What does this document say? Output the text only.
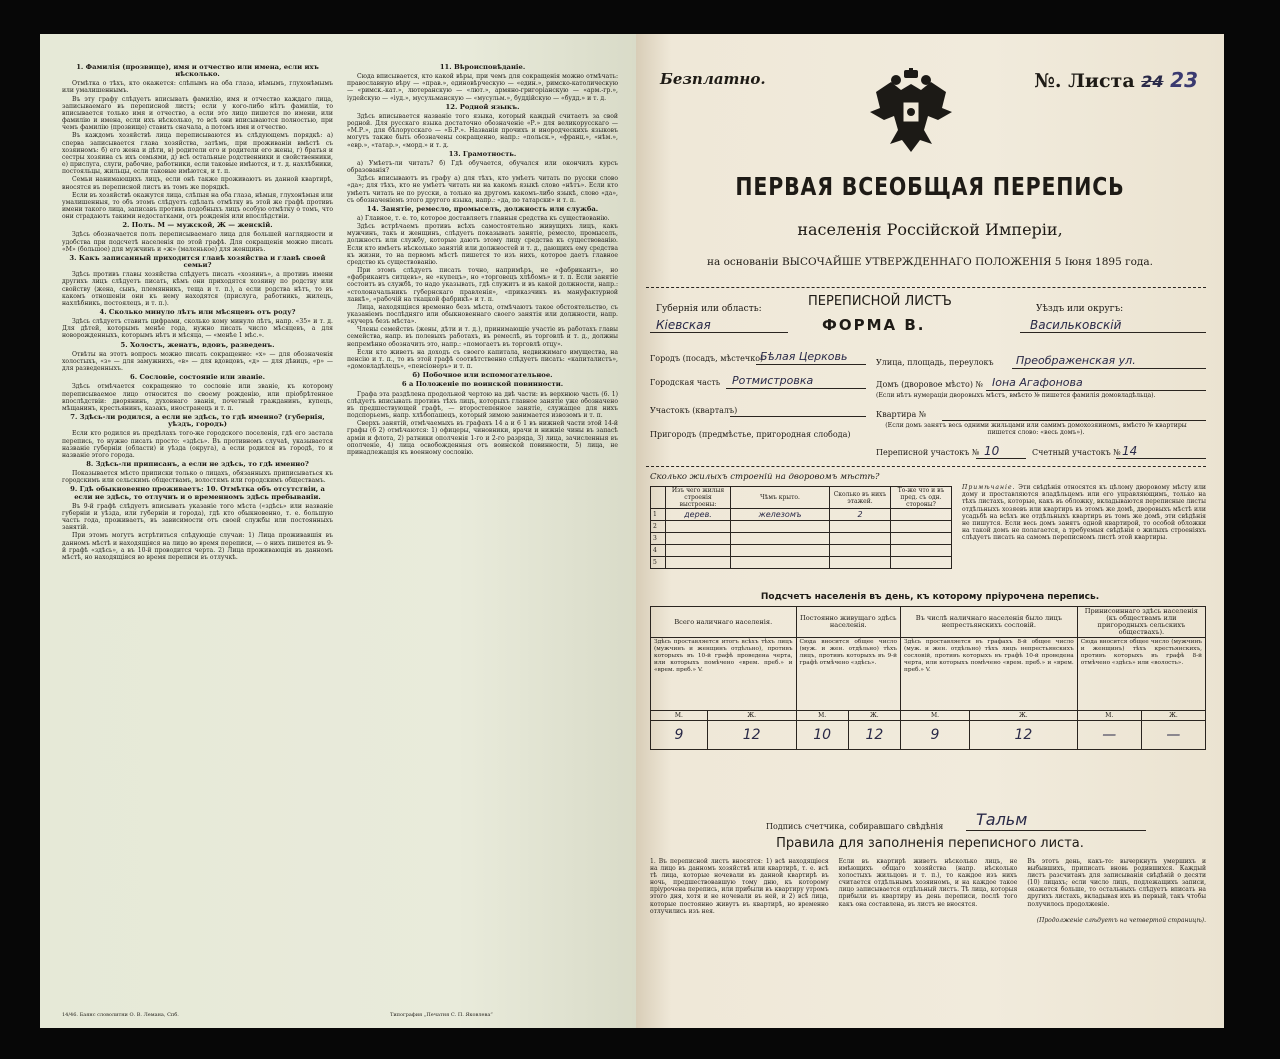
1. Фамилія (прозвище), имя и отчество или имена, если ихъ нѣсколько.

Отмѣтка о тѣхъ, кто окажется: слѣпымъ на оба глаза, нѣмымъ, глухонѣмымъ или умалишеннымъ.

Въ эту графу слѣдуетъ вписывать фамилію, имя и отчество каждаго лица, записываемаго въ переписной листъ; если у кого-либо нѣтъ фамиліи, то вписывается только имя и отчество, а если это лицо пишется по имени, или фамилію и имена, если ихъ нѣсколько, то всѣ они вписываются полностью, при чемъ фамилію (прозвище) ставить сначала, а потомъ имя и отчество.

Въ каждомъ хозяйствѣ лица переписываются въ слѣдующемъ порядкѣ: а) сперва записывается глава хозяйства, затѣмъ, при проживаніи вмѣстѣ съ хозяиномъ: б) его жена и дѣти, в) родители его и родители его жены, г) братья и сестры хозяина съ ихъ семьями, д) всѣ остальные родственники и свойственники, е) прислуга, слуги, рабочие, работники, если таковые имѣются, и т. д. нахлѣбники, постояльцы, жильцы, если таковые имѣются, и т. п.

Семьи нанимающихъ лицъ, если онѣ также проживаютъ въ данной квартирѣ, вносятся въ переписной листъ въ томъ же порядкѣ.

Если въ хозяйствѣ окажутся лица, слѣпыя на оба глаза, нѣмыя, глухонѣмыя или умалишенныя, то объ этомъ слѣдуетъ сдѣлать отмѣтку въ этой же графѣ противъ имени такого лица, записавъ противъ подобныхъ лицъ особую отмѣтку о томъ, что они страдаютъ такими недостатками, отъ рожденія или впослѣдствіи.

2. Полъ. М — мужской, Ж — женскій.

Здѣсь обозначается полъ переписываемаго лица для большей наглядности и удобства при подсчетѣ населенія по этой графѣ. Для сокращенія можно писать «М» (большое) для мужчинъ и «ж» (маленькое) для женщинъ.

3. Какъ записанный приходится главѣ хозяйства и главѣ своей семьи?

Здѣсь противъ главы хозяйства слѣдуетъ писать «хозяинъ», а противъ имени другихъ лицъ слѣдуетъ писать, кѣмъ они приходятся хозяину по родству или свойству (жена, сынъ, племянникъ, теща и т. п.), а если родства нѣтъ, то въ какомъ отношеніи они къ нему находятся (прислуга, работникъ, жилецъ, нахлѣбникъ, постоялецъ, и т. п.).

4. Сколько минуло лѣтъ или мѣсяцевъ отъ роду?

Здѣсь слѣдуетъ ставить цифрами, сколько кому минуло лѣтъ, напр. «35» и т. д. Для дѣтей, которымъ менѣе года, нужно писать число мѣсяцевъ, а для новорожденныхъ, которымъ нѣтъ и мѣсяца, — «менѣе 1 мѣс.».

5. Холостъ, женатъ, вдовъ, разведенъ.

Отвѣты на этотъ вопросъ можно писать сокращенно: «х» — для обозначенія холостыхъ, «з» — для замужнихъ, «в» — для вдовцовъ, «д» — для дѣвицъ, «р» — для разведенныхъ.

6. Сословіе, состояніе или званіе.

Здѣсь отмѣчается сокращенно то сословіе или званіе, къ которому переписываемое лицо относится по своему рожденію, или пріобрѣтенное впослѣдствіи: дворянинъ, духовнаго званія, почетный гражданинъ, купецъ, мѣщанинъ, крестьянинъ, казакъ, иностранецъ и т. п.

7. Здѣсь-ли родился, а если не здѣсь, то гдѣ именно? (губернія, уѣздъ, городъ)

Если кто родился въ предѣлахъ того-же городского поселенія, гдѣ его застала перепись, то нужно писать просто: «здѣсь». Въ противномъ случаѣ, указывается названіе губерніи (области) и уѣзда (округа), а если родился въ городѣ, то и названіе этого города.

8. Здѣсь-ли приписанъ, а если не здѣсь, то гдѣ именно?

Показывается мѣсто приписки только о лицахъ, обязанныхъ приписываться къ городскимъ или сельскимъ обществамъ, волостямъ или городскимъ обществамъ.

9. Гдѣ обыкновенно проживаетъ: 10. Отмѣтка объ отсутствіи, а если не здѣсь, то отлучнъ и о временномъ здѣсь пребываніи.

Въ 9-й графѣ слѣдуетъ вписывать указаніе того мѣста («здѣсь» или названіе губерніи и уѣзда, или губерніи и города), гдѣ кто обыкновенно, т. е. большую часть года, проживаетъ, въ зависимости отъ своей службы или постоянныхъ занятій.

При этомъ могутъ встрѣтиться слѣдующіе случаи: 1) Лица проживавшія въ данномъ мѣстѣ и находящіяся на лицо во время переписи, — о нихъ пишется въ 9-й графѣ «здѣсь», а въ 10-й проводится черта. 2) Лица проживающія въ данномъ мѣстѣ, но находящіяся во время переписи въ отлучкѣ.

11. Вѣроисповѣданіе.

Сюда вписывается, кто какой вѣры, при чемъ для сокращенія можно отмѣчать: православную вѣру — «прав.», единовѣрческую — «един.», римско-католическую — «римск.-кат.», лютеранскую — «лют.», армяно-григоріанскую — «арм.-гр.», іудейскую — «іуд.», мусульманскую — «мусульм.», буддійскую — «будд.» и т. д.

12. Родной языкъ.

Здѣсь вписывается названіе того языка, который каждый считаетъ за свой родной. Для русскаго языка достаточно обозначеніе «Р.» для великорусскаго — «М.Р.», для бѣлорусскаго — «Б.Р.». Названія прочихъ и инородческихъ языковъ могутъ также быть обозначены сокращенно, напр.: «польск.», «франц.», «нѣм.», «евр.», «татар.», «морд.» и т. д.

13. Грамотность.

а) Умѣетъ-ли читать? б) Гдѣ обучается, обучался или окончилъ курсъ образованія?

Здѣсь вписываютъ въ графу а) для тѣхъ, кто умѣетъ читать по русски слово «да»; для тѣхъ, кто не умѣетъ читать ни на какомъ языкѣ слово «нѣтъ». Если кто умѣетъ читать не по русски, а только на другомъ какомъ-либо языкѣ, слово «да», съ обозначеніемъ этого другого языка, напр.: «да, по татарски» и т. п.

14. Занятіе, ремесло, промыселъ, должность или служба.

а) Главное, т. е. то, которое доставляетъ главныя средства къ существованію.

Здѣсь встрѣчаемъ противъ всѣхъ самостоятельно живущихъ лицъ, какъ мужчинъ, такъ и женщинъ, слѣдуетъ показывать занятіе, ремесло, промыселъ, должность или службу, которые даютъ этому лицу средства къ существованію. Если кто имѣетъ нѣсколько занятій или должностей и т. д., дающихъ ему средства къ жизни, то на первомъ мѣстѣ пишется то изъ нихъ, которое даетъ главное средство къ существованію.

При этомъ слѣдуетъ писать точно, напримѣръ, не «фабрикантъ», но «фабрикантъ ситцевъ», не «купецъ», но «торговецъ хлѣбомъ» и т. п. Если занятіе состоитъ въ службѣ, то надо указывать, гдѣ служитъ и въ какой должности, напр.: «столоначальникъ губернскаго правленія», «приказчикъ въ мануфактурной лавкѣ», «рабочій на ткацкой фабрикѣ» и т. п.

Лица, находящіяся временно безъ мѣста, отмѣчаютъ такое обстоятельство, съ указаніемъ послѣдняго или обыкновеннаго своего занятія или должности, напр. «кучеръ безъ мѣста».

Члены семействъ (жены, дѣти и т. д.), принимающіе участіе въ работахъ главы семейства, напр. въ полевыхъ работахъ, въ ремеслѣ, въ торговлѣ и т. д., должны непремѣнно обозначить это, напр.: «помогаетъ въ торговлѣ отцу».

Если кто живетъ на доходъ съ своего капитала, недвижимаго имущества, на пенсію и т. п., то въ этой графѣ соотвѣтственно слѣдуетъ писать: «капиталистъ», «домовладѣлецъ», «пенсіонеръ» и т. п.

б) Побочное или вспомогательное.
6 а Положеніе по воинской повинности.

Графа эта раздѣлена продольной чертою на двѣ части: въ верхнюю часть (6. 1) слѣдуетъ вписывать противъ тѣхъ лицъ, которыхъ главное занятіе уже обозначено въ предшествующей графѣ, — второстепенное занятіе, служащее для нихъ подспорьемъ, напр. хлѣбопашецъ, который зимою занимается извозомъ и т. п.

Сверхъ занятій, отмѣчаемыхъ въ графахъ 14 а и 6 1 въ нижней части этой 14-й графы (6 2) отмѣчаются: 1) офицеры, чиновники, врачи и нижніе чины въ запасѣ армiи и флота, 2) ратники ополченія 1-го и 2-го разряда, 3) лица, зачисленныя въ ополченіе, 4) лица освобожденныя отъ воинской повинности, 5) лица, не принадлежащія къ военному сословію.

14/46. Баянс словолитни О. В. Лемана, Спб.	Типография „Печатня С. П. Яковлева“
Безплатно.	№. Листа 24 23
ПЕРВАЯ ВСЕОБЩАЯ ПЕРЕПИСЬ
населенія Россійской Имперіи,
на основаніи ВЫСОЧАЙШЕ УТВЕРЖДЕННАГО ПОЛОЖЕНІЯ 5 Іюня 1895 года.
ПЕРЕПИСНОЙ ЛИСТЪ
ФОРМА В.
Губернія или область:
Кіевская
Уѣздъ или округъ:
Васильковскій
Городъ (посадъ, мѣстечко)
Бѣлая Церковь
Городская часть Ротмистровка
Участокъ (кварталъ)
Пригородъ (предмѣстье, пригородная слобода)
Улица, площадь, переулокъ Преображенская ул.
Домъ (дворовое мѣсто) № Іона Агафонова
(Если нѣтъ нумераціи дворовыхъ мѣстъ, вмѣсто № пишется фамилія домовладѣльца).
Квартира №
(Если домъ занятъ весь одними жильцами или самимъ домохозяиномъ, вмѣсто № квартиры пишется слово: «весь домъ»).
Переписной участокъ № 10	Счетный участокъ № 14
Сколько жилыхъ строеній на дворовомъ мѣстѣ?
	Изъ чего жилыя строенія выстроены:	Чѣмъ крыто.	Сколько въ нихъ этажей.	То-же что и въ пред. съ одн. стороны?
1	дерев.	железомъ	2	
2				
3				
4				
5				
Примѣчаніе. Эти свѣдѣнія относятся къ цѣлому дворовому мѣсту или дому и проставляются владѣльцемъ или его управляющимъ, только на тѣхъ листахъ, которые, какъ въ обложку, вкладываются переписные листы отдѣльныхъ хозяевъ или квартиръ въ этомъ же домѣ, дворовыхъ мѣстѣ или усадьбѣ на всѣхъ же отдѣльныхъ квартиръ въ томъ же домѣ, эти свѣдѣнія не пишутся. Если весь домъ занятъ одной квартирой, то особой обложки на такой домъ не полагается, а требуемыя свѣдѣнія о жилыхъ строеніяхъ слѣдуетъ писать на самомъ переписномъ листѣ этой квартиры.
Подсчетъ населенія въ день, къ которому пріурочена перепись.
Всего наличнаго населенія.		Постоянно живущаго здѣсь населенія.		Въ числѣ наличнаго населенія было лицъ непрестьянскихъ сословій.		Принисоиннаго здѣсь населенія (къ обществамъ или пригородныхъ сельскихъ обществахъ).	
Здѣсь проставляется итогъ всѣхъ тѣхъ лицъ (мужчинъ и женщинъ отдѣльно), противъ которыхъ въ 10-й графѣ проведена черта, или которыхъ помѣчено «врем. преб.» и «врем. преб.» V.		Сюда вносится общее число (муж. и жен. отдѣльно) тѣхъ лицъ, противъ которыхъ въ 9-й графѣ отмѣчено «здѣсь».		Здѣсь проставляется въ графахъ 8-й общее число (муж. и жен. отдѣльно) тѣхъ лицъ непрестьянскихъ сословій, противъ которыхъ въ графѣ 10-й проведена черта, или которыхъ помѣчено «врем. преб.» и «врем. преб.» V.		Сюда вносится общее число (мужчинъ и женщинъ) тѣхъ крестьянскихъ, противъ которыхъ въ графѣ 8-й отмѣчено «здѣсь» или «волость».	
М.	Ж.	М.	Ж.	М.	Ж.	М.	Ж.
9	12	10	12	9	12	—	—
Подпись счетчика, собиравшаго свѣдѣнія Тальм
Правила для заполненія переписного листа.
1. Въ переписной листъ вносятся: 1) всѣ находящіеся на лицо въ данномъ хозяйствѣ или квартирѣ, т. е. всѣ тѣ лица, которые ночевали въ данной квартирѣ въ ночь, предшествовавшую тому дню, къ которому пріурочена перепись, или прибыли въ квартиру утромъ этого дня, хотя и не ночевали въ ней, и 2) всѣ лица, которые постоянно живутъ въ квартирѣ, но временно отлучились изъ нея.
Если въ квартирѣ живетъ нѣсколько лицъ, не имѣющихъ общаго хозяйства (напр. нѣсколько холостыхъ жильцовъ и т. п.), то каждое изъ нихъ считается отдѣльнымъ хозяиномъ, и на каждое такое лицо записывается отдѣльный листъ. Тѣ лица, которыя прибыли въ квартиру въ день переписи, послѣ того какъ она составлена, въ листъ не вносятся.
Въ этотъ день, какъ-то: вычеркнуть умершихъ и выбывшихъ, приписать вновь родившихся. Каждый листъ разсчитанъ для записыванія свѣдѣній о десяти (10) лицахъ; если число лицъ, подлежащихъ записи, окажется больше, то остальныхъ слѣдуетъ вписать на другихъ листахъ, вкладывая ихъ въ первый, такъ чтобы получилось продолженіе.
(Продолженіе слѣдуетъ на четвертой страницѣ).
